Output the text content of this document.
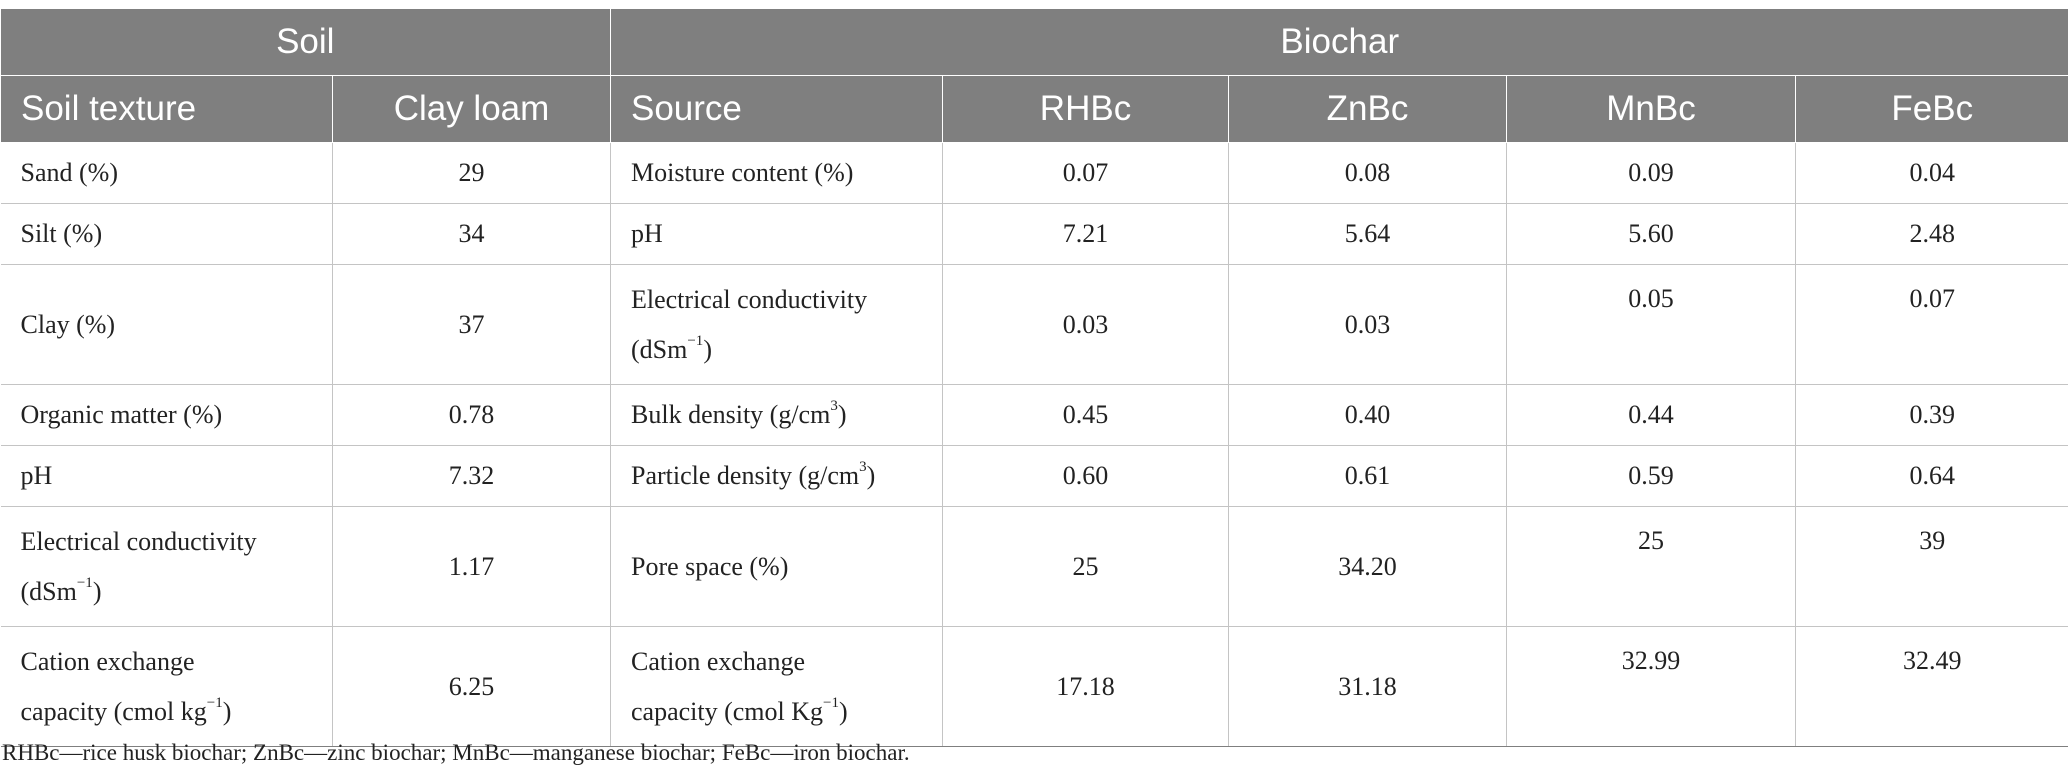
Soil		Biochar				
Soil texture	Clay loam	Source	RHBc	ZnBc	MnBc	FeBc
Sand (%)	29	Moisture content (%)	0.07	0.08	0.09	0.04
Silt (%)	34	pH	7.21	5.64	5.60	2.48
Clay (%)	37	Electrical conductivity
(dSm$^{-1}$)	0.03	0.03	0.05	0.07
Organic matter (%)	0.78	Bulk density $(g/cm^3)$	0.45	0.40	0.44	0.39
pH	7.32	Particle density $(g/cm^3)$	0.60	0.61	0.59	0.64
Electrical conductivity
(dSm$^{-1}$)	1.17	Pore space (%)	25	34.20	25	39
Cation exchange
capacity (cmol $kg^{-1}$)	6.25	Cation exchange
capacity (cmol $Kg^{-1}$)	17.18	31.18	32.99	32.49
RHBc—rice husk biochar; ZnBc—zinc biochar; MnBc—manganese biochar; FeBc—iron biochar.
